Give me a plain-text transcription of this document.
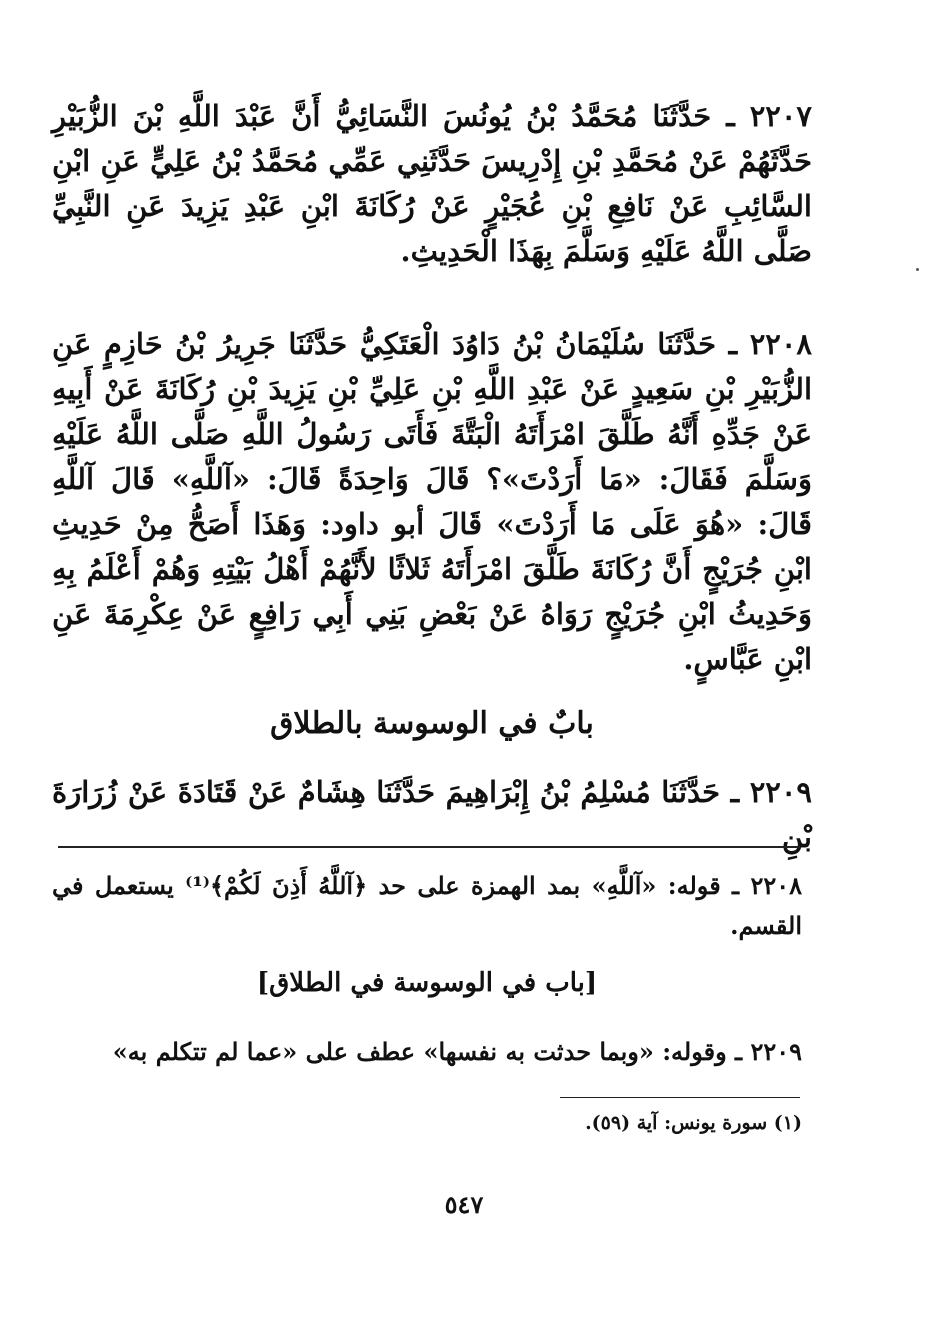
٢٢٠٧ ـ حَدَّثَنَا مُحَمَّدُ بْنُ يُونُسَ النَّسَائِيُّ أَنَّ عَبْدَ اللَّهِ بْنَ الزُّبَيْرِ حَدَّثَهُمْ عَنْ مُحَمَّدِ بْنِ إِدْرِيسَ حَدَّثَنِي عَمِّي مُحَمَّدُ بْنُ عَلِيٍّ عَنِ ابْنِ السَّائِبِ عَنْ نَافِعِ بْنِ عُجَيْرٍ عَنْ رُكَانَةَ ابْنِ عَبْدِ يَزِيدَ عَنِ النَّبِيِّ صَلَّى اللَّهُ عَلَيْهِ وَسَلَّمَ بِهَذَا الْحَدِيثِ.

٢٢٠٨ ـ حَدَّثَنَا سُلَيْمَانُ بْنُ دَاوُدَ الْعَتَكِيُّ حَدَّثَنَا جَرِيرُ بْنُ حَازِمٍ عَنِ الزُّبَيْرِ بْنِ سَعِيدٍ عَنْ عَبْدِ اللَّهِ بْنِ عَلِيِّ بْنِ يَزِيدَ بْنِ رُكَانَةَ عَنْ أَبِيهِ عَنْ جَدِّهِ أَنَّهُ طَلَّقَ امْرَأَتَهُ الْبَتَّةَ فَأَتَى رَسُولُ اللَّهِ صَلَّى اللَّهُ عَلَيْهِ وَسَلَّمَ فَقَالَ: «مَا أَرَدْتَ»؟ قَالَ وَاحِدَةً قَالَ: «آللَّهِ» قَالَ آللَّهِ قَالَ: «هُوَ عَلَى مَا أَرَدْتَ» قَالَ أبو داود: وَهَذَا أَصَحُّ مِنْ حَدِيثِ ابْنِ جُرَيْجٍ أَنَّ رُكَانَةَ طَلَّقَ امْرَأَتَهُ ثَلاثًا لأَنَّهُمْ أَهْلُ بَيْتِهِ وَهُمْ أَعْلَمُ بِهِ وَحَدِيثُ ابْنِ جُرَيْجٍ رَوَاهُ عَنْ بَعْضِ بَنِي أَبِي رَافِعٍ عَنْ عِكْرِمَةَ عَنِ ابْنِ عَبَّاسٍ.

بابٌ في الوسوسة بالطلاق

٢٢٠٩ ـ حَدَّثَنَا مُسْلِمُ بْنُ إِبْرَاهِيمَ حَدَّثَنَا هِشَامٌ عَنْ قَتَادَةَ عَنْ زُرَارَةَ بْنِ

٢٢٠٨ ـ قوله: «آللَّهِ» بمد الهمزة على حد ﴿آللَّهُ أَذِنَ لَكُمْ﴾⁽¹⁾ يستعمل في القسم.

[باب في الوسوسة في الطلاق]

٢٢٠٩ ـ وقوله: «وبما حدثت به نفسها» عطف على «عما لم تتكلم به»

(١) سورة يونس: آية (٥٩).

٥٤٧
